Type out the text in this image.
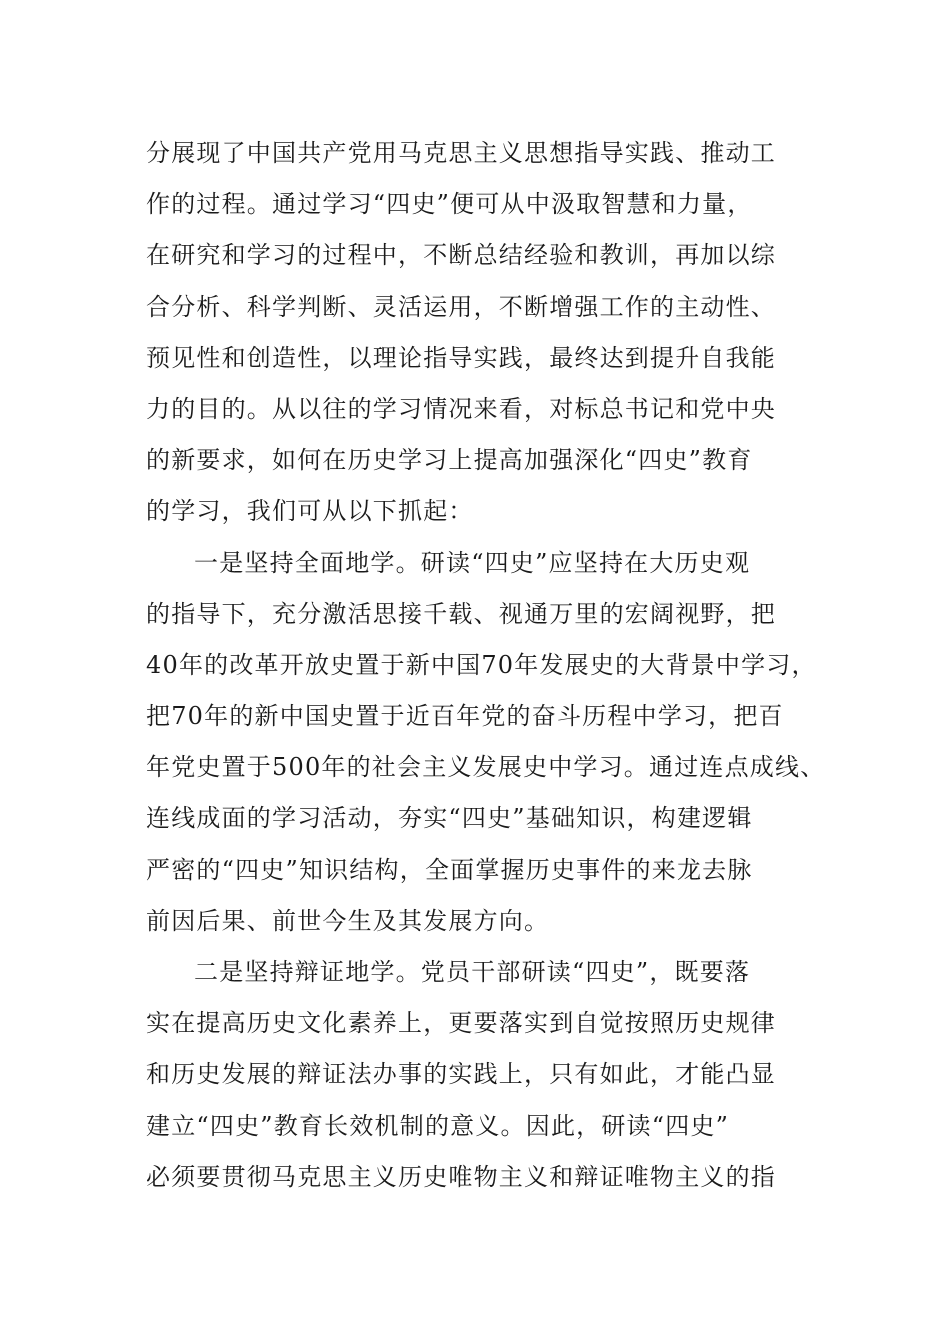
分展现了中国共产党用马克思主义思想指导实践、推动工
作的过程。通过学习“四史”便可从中汲取智慧和力量，
在研究和学习的过程中，不断总结经验和教训，再加以综
合分析、科学判断、灵活运用，不断增强工作的主动性、
预见性和创造性，以理论指导实践，最终达到提升自我能
力的目的。从以往的学习情况来看，对标总书记和党中央
的新要求，如何在历史学习上提高加强深化“四史”教育
的学习，我们可从以下抓起：
一是坚持全面地学。研读“四史”应坚持在大历史观
的指导下，充分激活思接千载、视通万里的宏阔视野，把
40年的改革开放史置于新中国70年发展史的大背景中学习，
把70年的新中国史置于近百年党的奋斗历程中学习，把百
年党史置于500年的社会主义发展史中学习。通过连点成线、
连线成面的学习活动，夯实“四史”基础知识，构建逻辑
严密的“四史”知识结构，全面掌握历史事件的来龙去脉
前因后果、前世今生及其发展方向。
二是坚持辩证地学。党员干部研读“四史”，既要落
实在提高历史文化素养上，更要落实到自觉按照历史规律
和历史发展的辩证法办事的实践上，只有如此，才能凸显
建立“四史”教育长效机制的意义。因此，研读“四史”
必须要贯彻马克思主义历史唯物主义和辩证唯物主义的指
